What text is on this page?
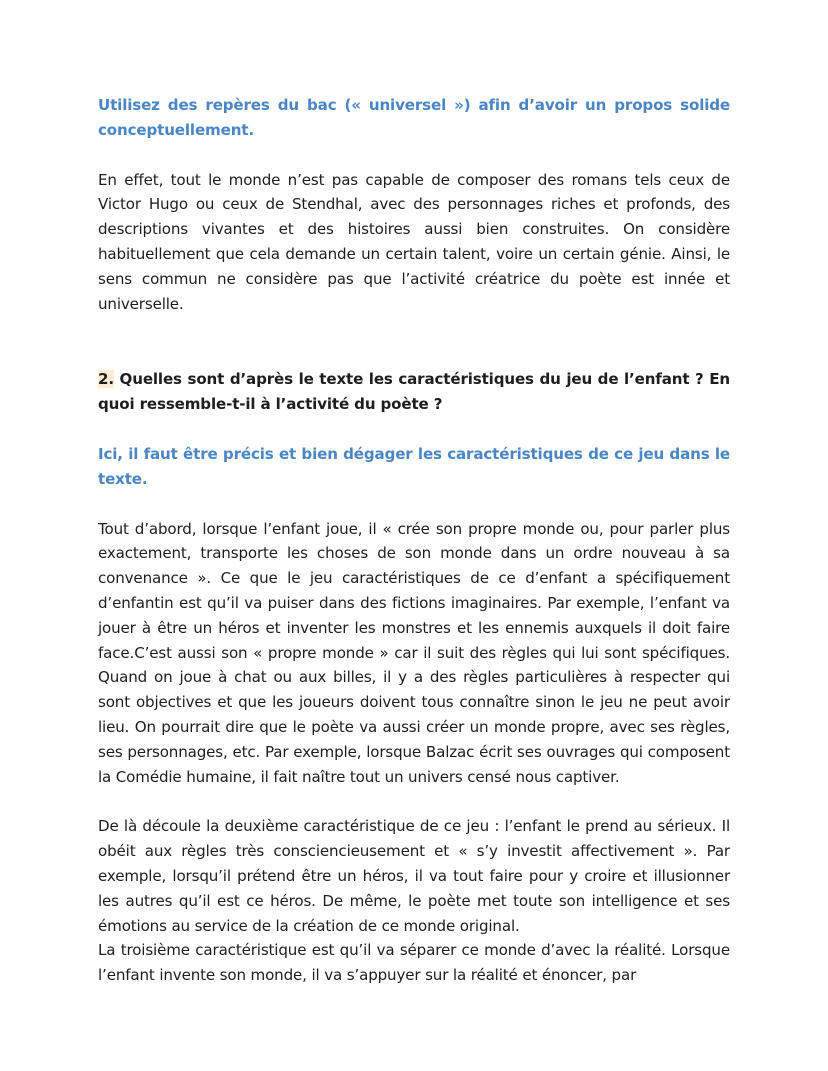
Utilisez des repères du bac (« universel ») afin d’avoir un propos solide conceptuellement.

En effet, tout le monde n’est pas capable de composer des romans tels ceux de Victor Hugo ou ceux de Stendhal, avec des personnages riches et profonds, des descriptions vivantes et des histoires aussi bien construites. On considère habituellement que cela demande un certain talent, voire un certain génie. Ainsi, le sens commun ne considère pas que l’activité créatrice du poète est innée et universelle.

2. Quelles sont d’après le texte les caractéristiques du jeu de l’enfant ? En quoi ressemble-t-il à l’activité du poète ?

Ici, il faut être précis et bien dégager les caractéristiques de ce jeu dans le texte.

Tout d’abord, lorsque l’enfant joue, il « crée son propre monde ou, pour parler plus exactement, transporte les choses de son monde dans un ordre nouveau à sa convenance ». Ce que le jeu caractéristiques de ce d’enfant a spécifiquement d’enfantin est qu’il va puiser dans des fictions imaginaires. Par exemple, l’enfant va jouer à être un héros et inventer les monstres et les ennemis auxquels il doit faire face.C’est aussi son « propre monde » car il suit des règles qui lui sont spécifiques. Quand on joue à chat ou aux billes, il y a des règles particulières à respecter qui sont objectives et que les joueurs doivent tous connaître sinon le jeu ne peut avoir lieu. On pourrait dire que le poète va aussi créer un monde propre, avec ses règles, ses personnages, etc. Par exemple, lorsque Balzac écrit ses ouvrages qui composent la Comédie humaine, il fait naître tout un univers censé nous captiver.

De là découle la deuxième caractéristique de ce jeu : l’enfant le prend au sérieux. Il obéit aux règles très consciencieusement et « s’y investit affectivement ». Par exemple, lorsqu’il prétend être un héros, il va tout faire pour y croire et illusionner les autres qu’il est ce héros. De même, le poète met toute son intelligence et ses émotions au service de la création de ce monde original.

La troisième caractéristique est qu’il va séparer ce monde d’avec la réalité. Lorsque l’enfant invente son monde, il va s’appuyer sur la réalité et énoncer, par
